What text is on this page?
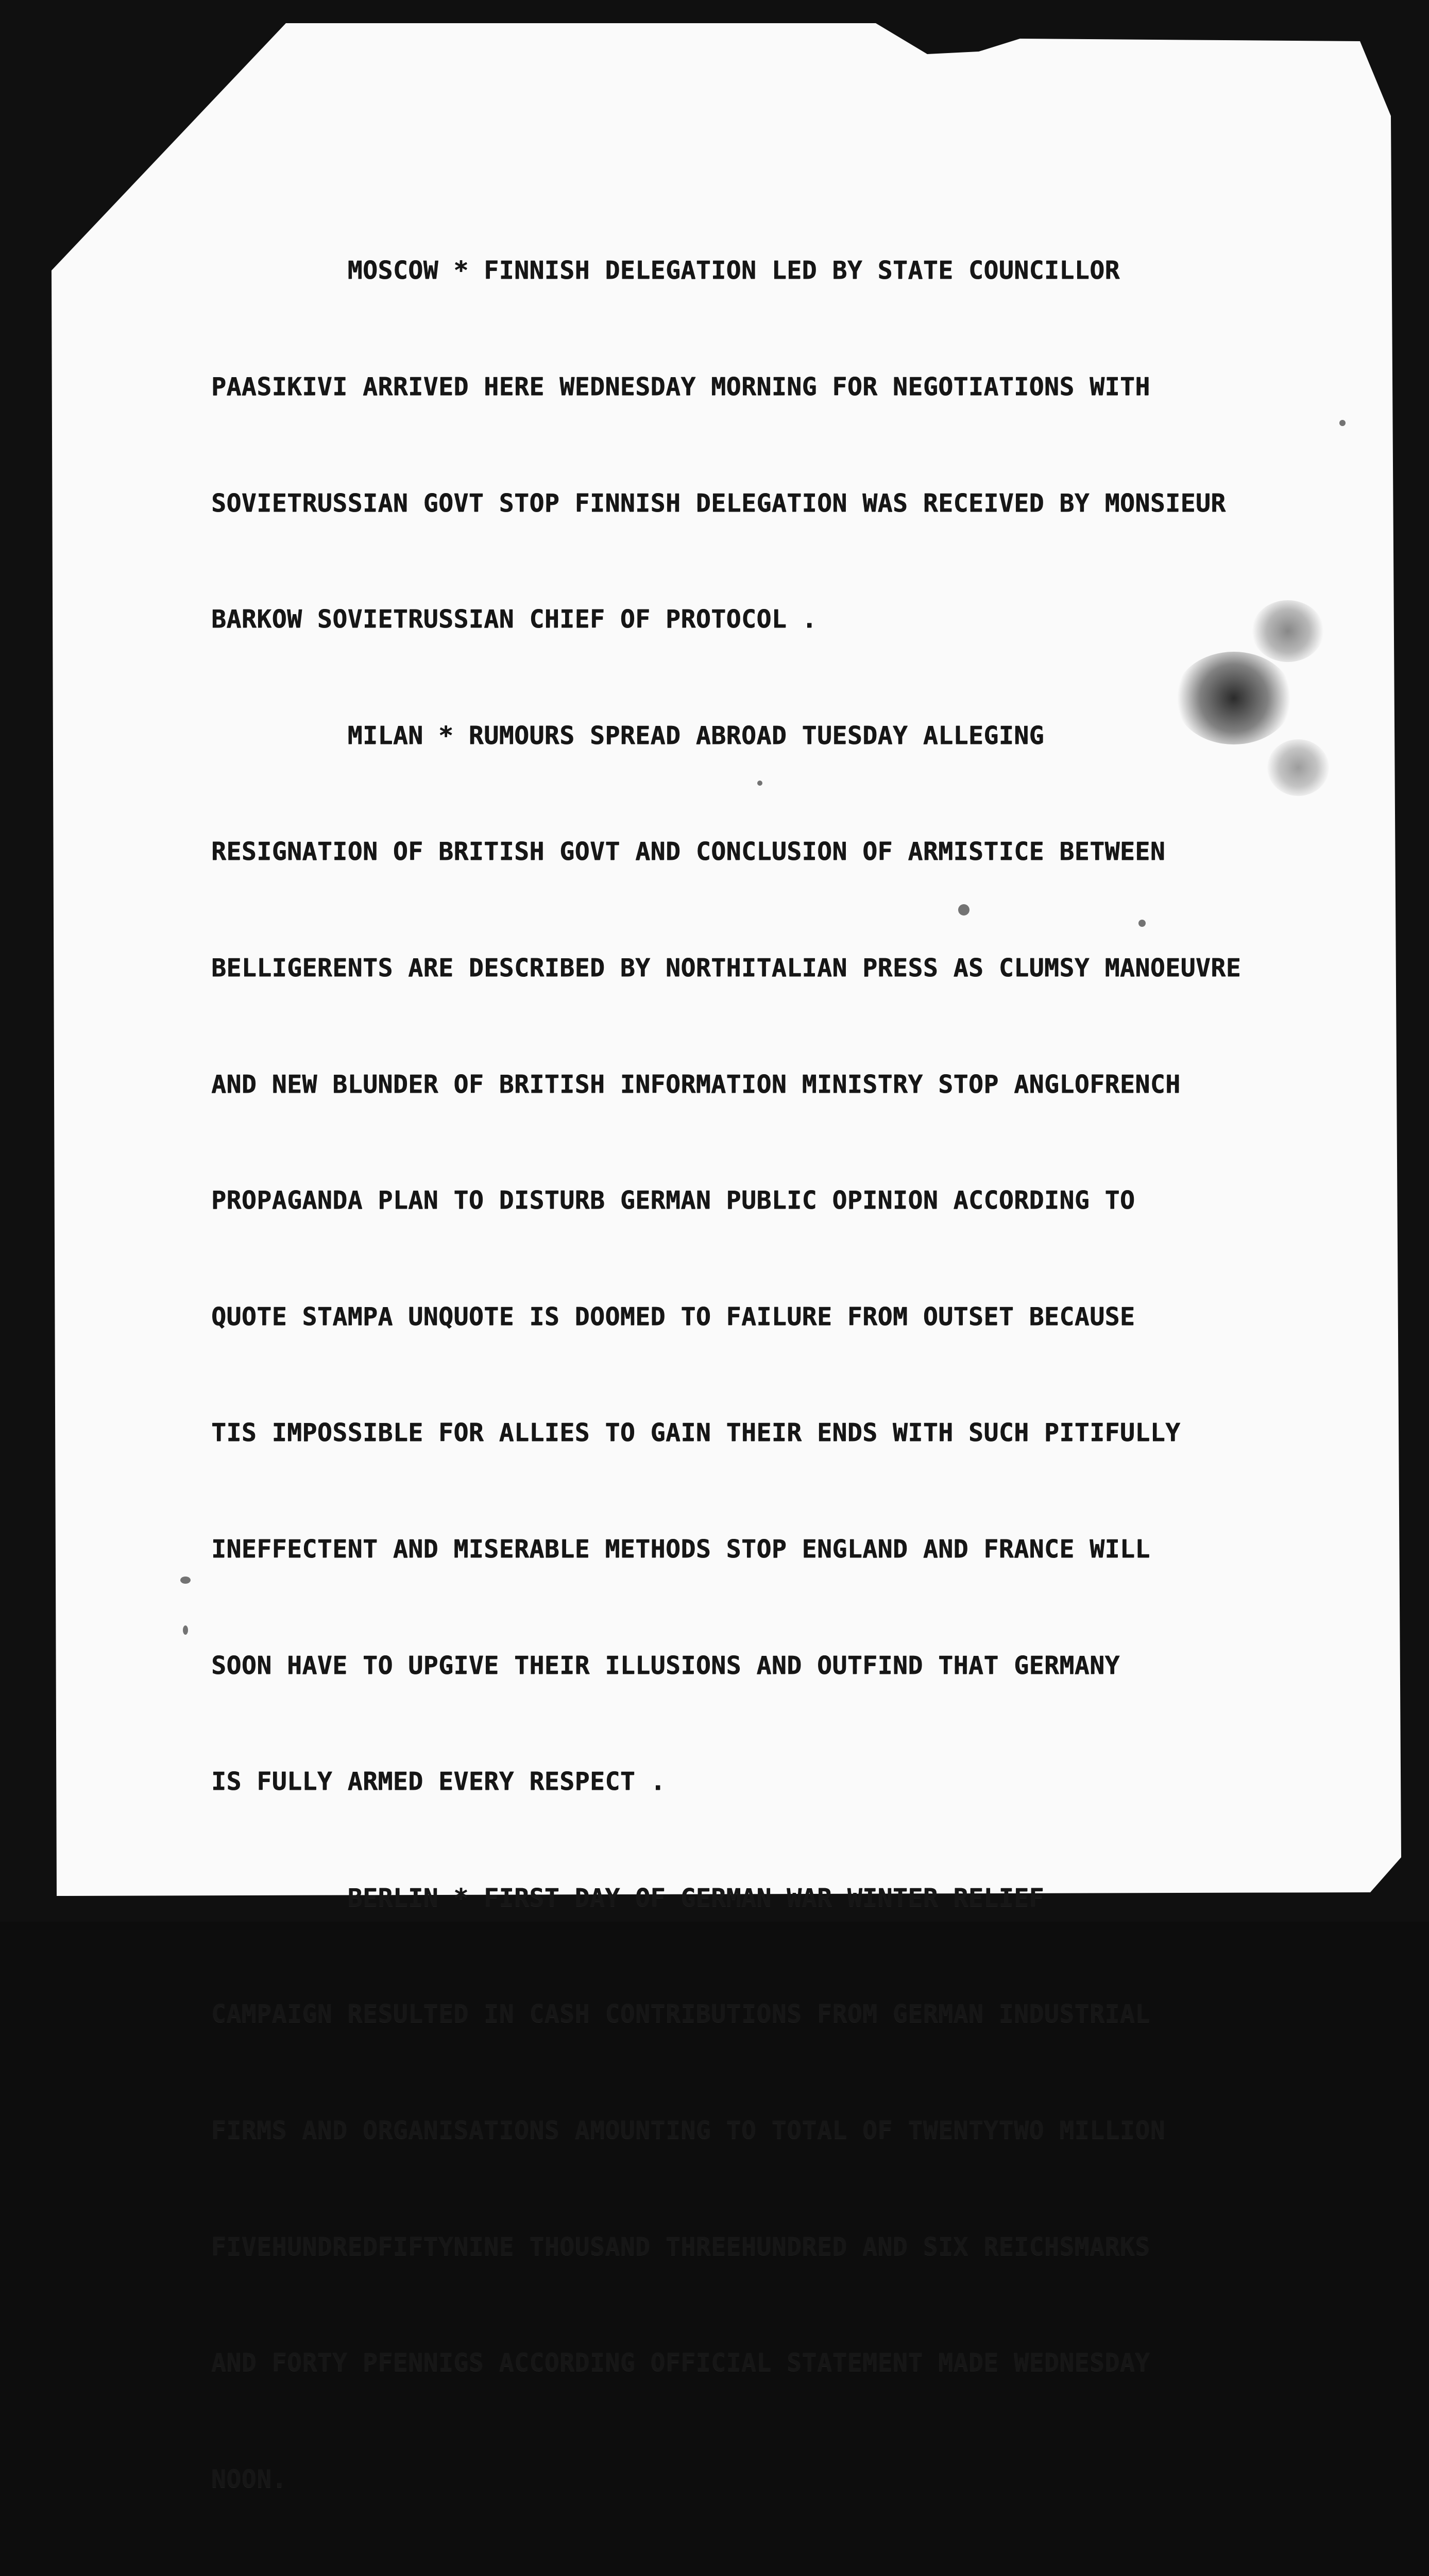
MOSCOW * FINNISH DELEGATION LED BY STATE COUNCILLOR

PAASIKIVI ARRIVED HERE WEDNESDAY MORNING FOR NEGOTIATIONS WITH

SOVIETRUSSIAN GOVT STOP FINNISH DELEGATION WAS RECEIVED BY MONSIEUR

BARKOW SOVIETRUSSIAN CHIEF OF PROTOCOL .

MILAN * RUMOURS SPREAD ABROAD TUESDAY ALLEGING

RESIGNATION OF BRITISH GOVT AND CONCLUSION OF ARMISTICE BETWEEN

BELLIGERENTS ARE DESCRIBED BY NORTHITALIAN PRESS AS CLUMSY MANOEUVRE

AND NEW BLUNDER OF BRITISH INFORMATION MINISTRY STOP ANGLOFRENCH

PROPAGANDA PLAN TO DISTURB GERMAN PUBLIC OPINION ACCORDING TO

QUOTE STAMPA UNQUOTE IS DOOMED TO FAILURE FROM OUTSET BECAUSE

TIS IMPOSSIBLE FOR ALLIES TO GAIN THEIR ENDS WITH SUCH PITIFULLY

INEFFECTENT AND MISERABLE METHODS STOP ENGLAND AND FRANCE WILL

SOON HAVE TO UPGIVE THEIR ILLUSIONS AND OUTFIND THAT GERMANY

IS FULLY ARMED EVERY RESPECT .

BERLIN * FIRST DAY OF GERMAN WAR WINTER RELIEF

CAMPAIGN RESULTED IN CASH CONTRIBUTIONS FROM GERMAN INDUSTRIAL

FIRMS AND ORGANISATIONS AMOUNTING TO TOTAL OF TWENTYTWO MILLION

FIVEHUNDREDFIFTYNINE THOUSAND THREEHUNDRED AND SIX REICHSMARKS

AND FORTY PFENNIGS ACCORDING OFFICIAL STATEMENT MADE WEDNESDAY

NOON.
